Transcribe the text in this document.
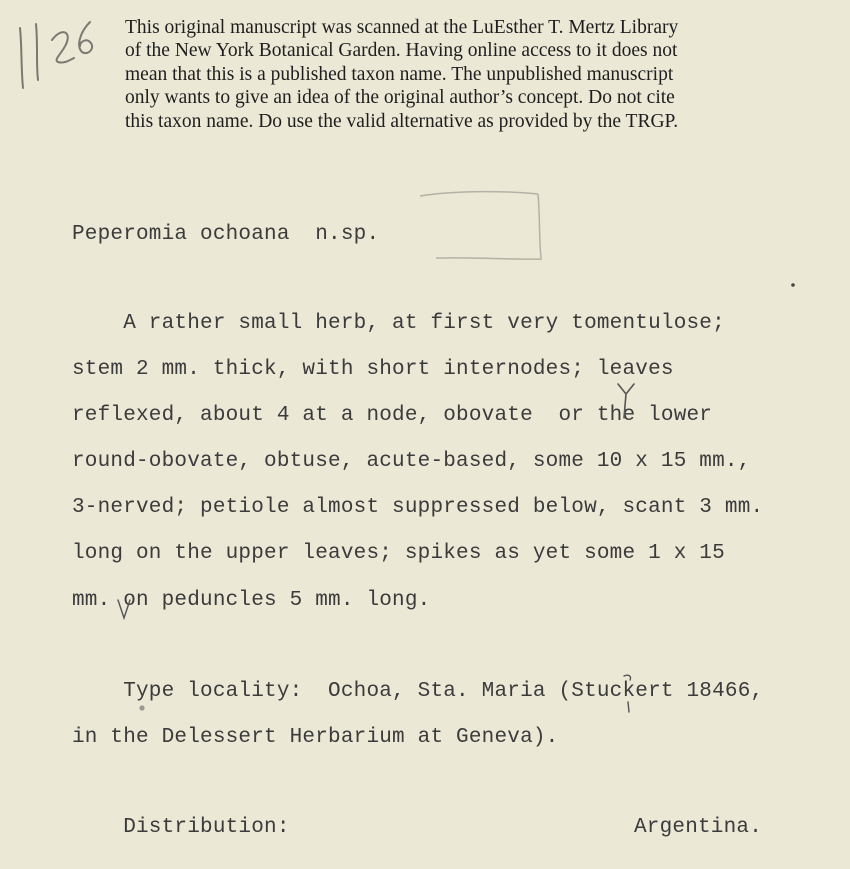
This original manuscript was scanned at the LuEsther T. Mertz Library
of the New York Botanical Garden. Having online access to it does not
mean that this is a published taxon name. The unpublished manuscript
only wants to give an idea of the original author’s concept. Do not cite
this taxon name. Do use the valid alternative as provided by the TRGP.
Peperomia ochoana  n.sp.
A rather small herb, at first very tomentulose;
stem 2 mm. thick, with short internodes; leaves
reflexed, about 4 at a node, obovate  or the lower
round-obovate, obtuse, acute-based, some 10 x 15 mm.,
3-nerved; petiole almost suppressed below, scant 3 mm.
long on the upper leaves; spikes as yet some 1 x 15
mm. on peduncles 5 mm. long.
Type locality:  Ochoa, Sta. Maria (Stuckert 18466,
in the Delessert Herbarium at Geneva).
Distribution:	Argentina.
